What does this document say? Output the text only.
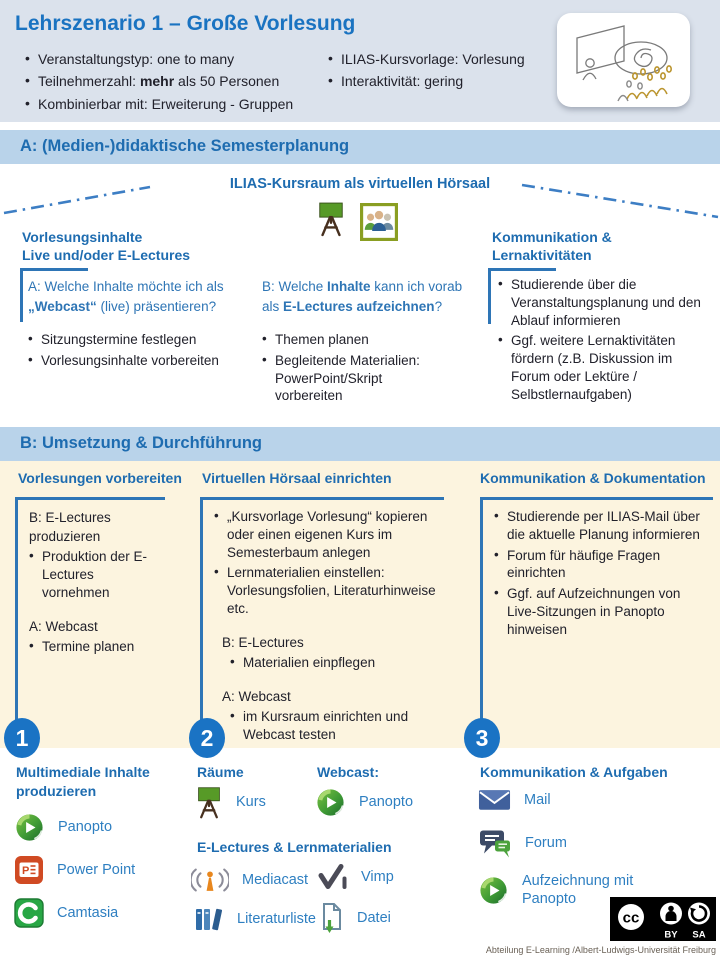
Lehrszenario 1 – Große Vorlesung
• Veranstaltungstyp: one to many
• Teilnehmerzahl: mehr als 50 Personen
• Kombinierbar mit: Erweiterung - Gruppen
• ILIAS-Kursvorlage: Vorlesung
• Interaktivität: gering
A: (Medien-)didaktische Semesterplanung
ILIAS-Kursraum als virtuellen Hörsaal
Vorlesungsinhalte
Live und/oder E-Lectures

A: Welche Inhalte möchte ich als „Webcast“ (live) präsentieren?

• Sitzungstermine festlegen
• Vorlesungsinhalte vorbereiten

B: Welche Inhalte kann ich vorab als E-Lectures aufzeichnen?

• Themen planen
• Begleitende Materialien: PowerPoint/Skript vorbereiten
Kommunikation &
Lernaktivitäten
• Studierende über die Veranstaltungsplanung und den Ablauf informieren
• Ggf. weitere Lernaktivitäten fördern (z.B. Diskussion im Forum oder Lektüre / Selbstlernaufgaben)
B: Umsetzung & Durchführung
Vorlesungen vorbereiten

B: E-Lectures produzieren

• Produktion der E-Lectures vornehmen

A: Webcast

• Termine planen
Virtuellen Hörsaal einrichten
• „Kursvorlage Vorlesung“ kopieren oder einen eigenen Kurs im Semesterbaum anlegen
• Lernmaterialien einstellen: Vorlesungsfolien, Literaturhinweise etc.

B: E-Lectures

• Materialien einpflegen

A: Webcast

• im Kursraum einrichten und Webcast testen
Kommunikation & Dokumentation
• Studierende per ILIAS-Mail über die aktuelle Planung informieren
• Forum für häufige Fragen einrichten
• Ggf. auf Aufzeichnungen von Live-Sitzungen in Panopto hinweisen
1	2	3
Multimediale Inhalte
produzieren
Panopto
P Power Point
Camtasia
Räume
Kurs
Webcast:
Panopto
E-Lectures & Lernmaterialien
Mediacast	Vimp
Literaturliste	Datei
Kommunikation & Aufgaben
Mail
Forum
Aufzeichnung mit Panopto
cc
BY SA
Abteilung E-Learning /Albert-Ludwigs-Universität Freiburg
